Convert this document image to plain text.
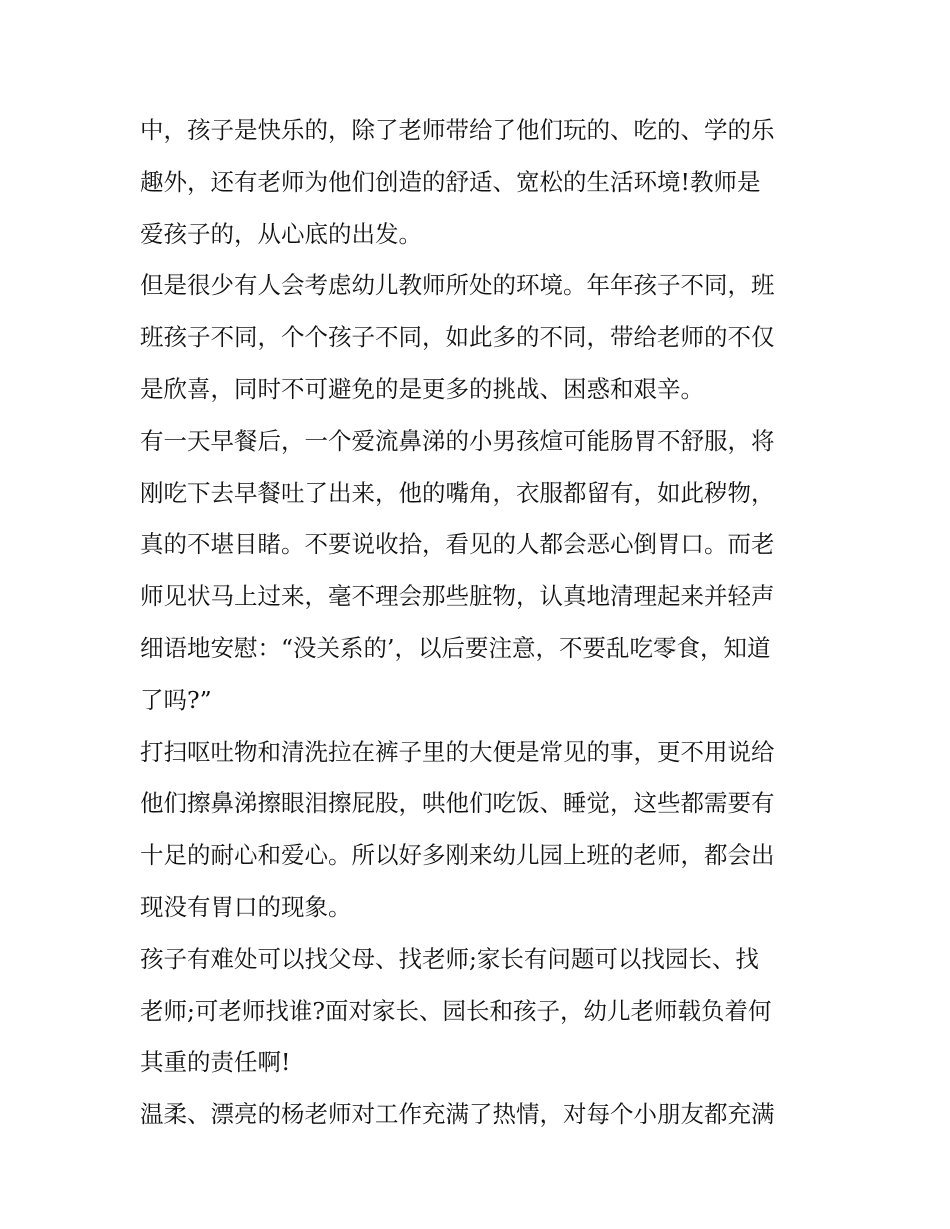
中，孩子是快乐的，除了老师带给了他们玩的、吃的、学的乐
趣外，还有老师为他们创造的舒适、宽松的生活环境!教师是
爱孩子的，从心底的出发。
但是很少有人会考虑幼儿教师所处的环境。年年孩子不同，班
班孩子不同，个个孩子不同，如此多的不同，带给老师的不仅
是欣喜，同时不可避免的是更多的挑战、困惑和艰辛。
有一天早餐后，一个爱流鼻涕的小男孩煊可能肠胃不舒服，将
刚吃下去早餐吐了出来，他的嘴角，衣服都留有，如此秽物，
真的不堪目睹。不要说收拾，看见的人都会恶心倒胃口。而老
师见状马上过来，毫不理会那些脏物，认真地清理起来并轻声
细语地安慰：“没关系的’，以后要注意，不要乱吃零食，知道
了吗?”
打扫呕吐物和清洗拉在裤子里的大便是常见的事，更不用说给
他们擦鼻涕擦眼泪擦屁股，哄他们吃饭、睡觉，这些都需要有
十足的耐心和爱心。所以好多刚来幼儿园上班的老师，都会出
现没有胃口的现象。
孩子有难处可以找父母、找老师;家长有问题可以找园长、找
老师;可老师找谁?面对家长、园长和孩子，幼儿老师载负着何
其重的责任啊!
温柔、漂亮的杨老师对工作充满了热情，对每个小朋友都充满
